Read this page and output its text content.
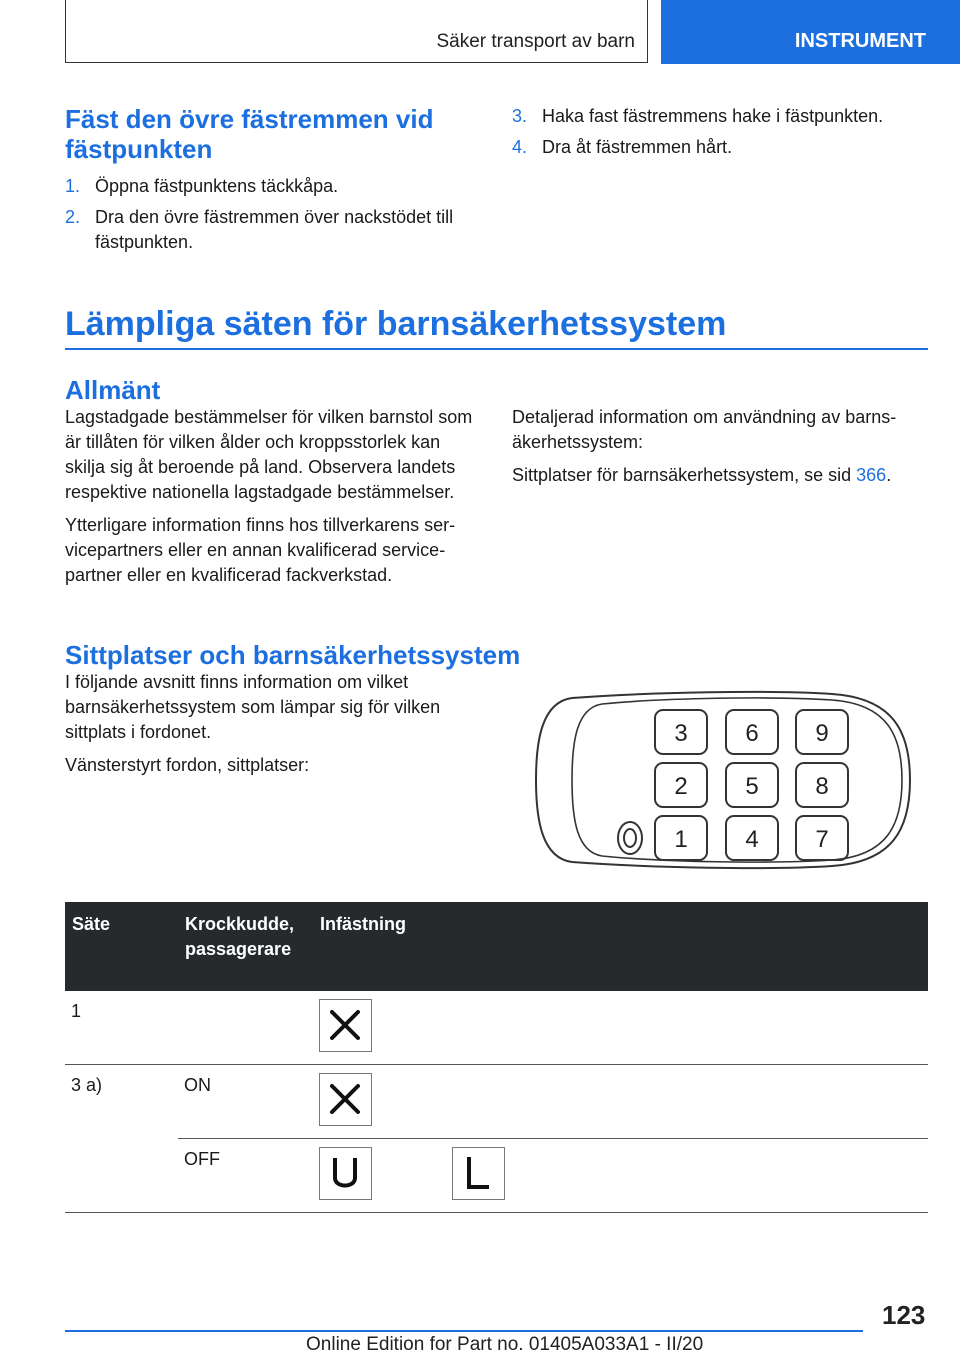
Säker transport av barn	INSTRUMENT
Fäst den övre fästremmen vid fästpunkten
1. Öppna fästpunktens täckkåpa.
2. Dra den övre fästremmen över nackstödet till fästpunkten.
3. Haka fast fästremmens hake i fästpunkten.
4. Dra åt fästremmen hårt.
Lämpliga säten för barnsäkerhetssystem
Allmänt

Lagstadgade bestämmelser för vilken barnstol som är tillåten för vilken ålder och kroppsstorlek kan skilja sig åt beroende på land. Observera landets respektive nationella lagstadgade bestämmelser.

Ytterligare information finns hos tillverkarens servicepartners eller en annan kvalificerad servicepartner eller en kvalificerad fackverkstad.

Detaljerad information om användning av barnsäkerhetssystem:

Sittplatser för barnsäkerhetssystem, se sid 366.

Sittplatser och barnsäkerhetssystem

I följande avsnitt finns information om vilket barnsäkerhetssystem som lämpar sig för vilken sittplats i fordonet.

Vänsterstyrt fordon, sittplatser:

3 6 9
2 5 8
1 4 7
Säte	Krockkudde, passagerare	Infästning	
1		

3 a)	ON	

	OFF	

123
Online Edition for Part no. 01405A033A1 - II/20
